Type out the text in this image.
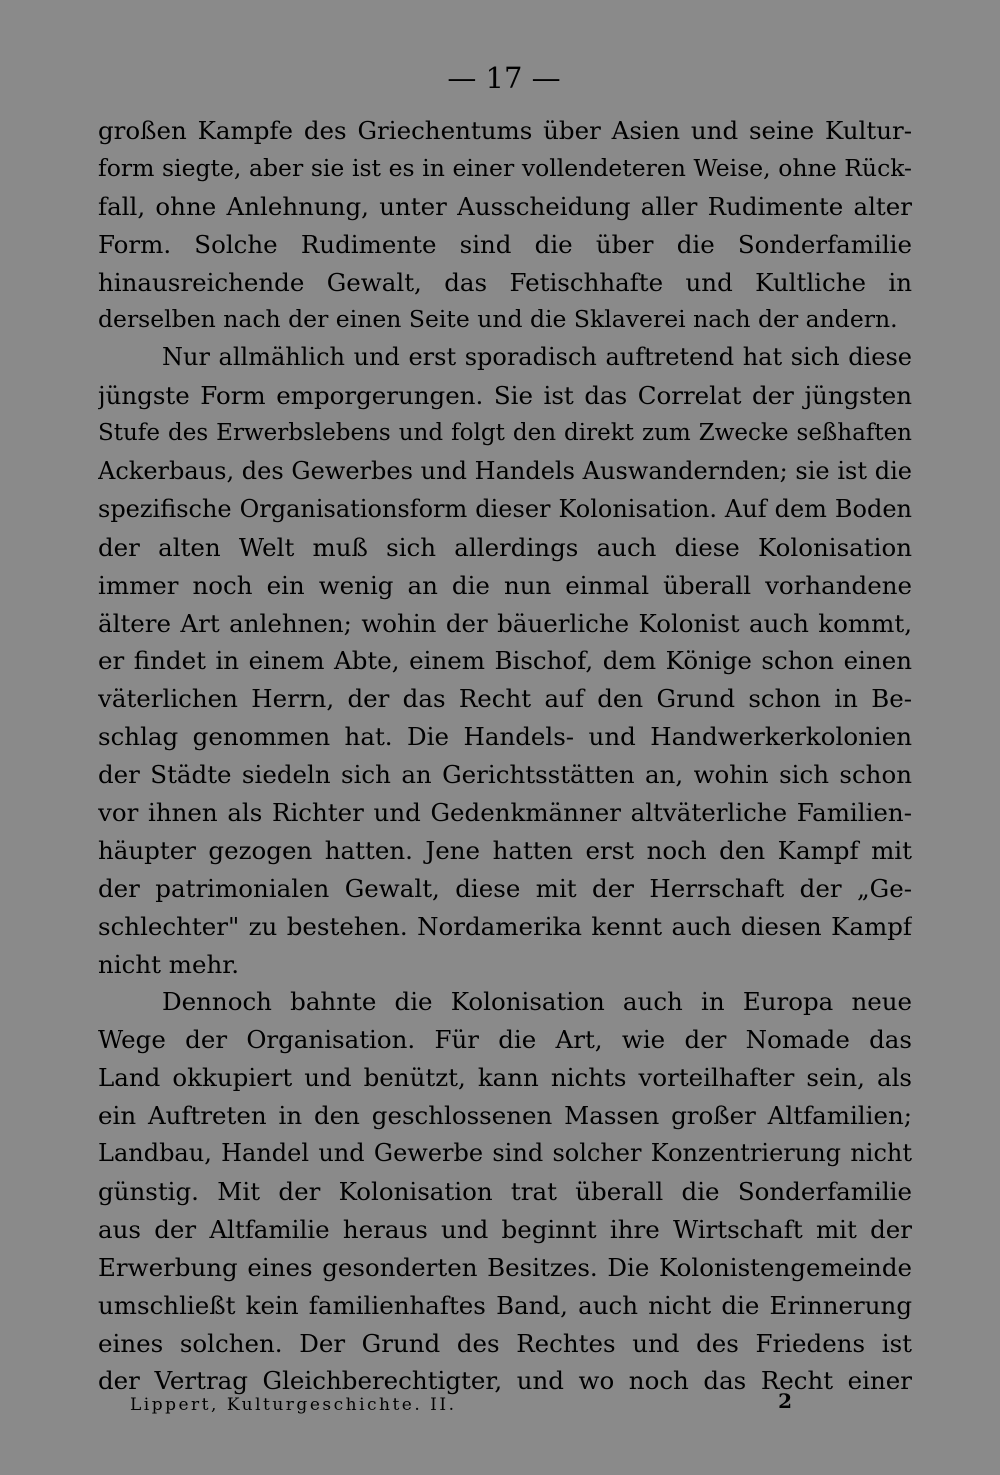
— 17 —
großen Kampfe des Griechentums über Asien und seine Kultur-
form siegte, aber sie ist es in einer vollendeteren Weise, ohne Rück-
fall, ohne Anlehnung, unter Ausscheidung aller Rudimente alter
Form. Solche Rudimente sind die über die Sonderfamilie
hinausreichende Gewalt, das Fetischhafte und Kultliche in
derselben nach der einen Seite und die Sklaverei nach der andern.
Nur allmählich und erst sporadisch auftretend hat sich diese
jüngste Form emporgerungen. Sie ist das Correlat der jüngsten
Stufe des Erwerbslebens und folgt den direkt zum Zwecke seßhaften
Ackerbaus, des Gewerbes und Handels Auswandernden; sie ist die
spezifische Organisationsform dieser Kolonisation. Auf dem Boden
der alten Welt muß sich allerdings auch diese Kolonisation
immer noch ein wenig an die nun einmal überall vorhandene
ältere Art anlehnen; wohin der bäuerliche Kolonist auch kommt,
er findet in einem Abte, einem Bischof, dem Könige schon einen
väterlichen Herrn, der das Recht auf den Grund schon in Be-
schlag genommen hat. Die Handels- und Handwerkerkolonien
der Städte siedeln sich an Gerichtsstätten an, wohin sich schon
vor ihnen als Richter und Gedenkmänner altväterliche Familien-
häupter gezogen hatten. Jene hatten erst noch den Kampf mit
der patrimonialen Gewalt, diese mit der Herrschaft der „Ge-
schlechter" zu bestehen. Nordamerika kennt auch diesen Kampf
nicht mehr.
Dennoch bahnte die Kolonisation auch in Europa neue
Wege der Organisation. Für die Art, wie der Nomade das
Land okkupiert und benützt, kann nichts vorteilhafter sein, als
ein Auftreten in den geschlossenen Massen großer Altfamilien;
Landbau, Handel und Gewerbe sind solcher Konzentrierung nicht
günstig. Mit der Kolonisation trat überall die Sonderfamilie
aus der Altfamilie heraus und beginnt ihre Wirtschaft mit der
Erwerbung eines gesonderten Besitzes. Die Kolonistengemeinde
umschließt kein familienhaftes Band, auch nicht die Erinnerung
eines solchen. Der Grund des Rechtes und des Friedens ist
der Vertrag Gleichberechtigter, und wo noch das Recht einer
Lippert, Kulturgeschichte. II.	2
